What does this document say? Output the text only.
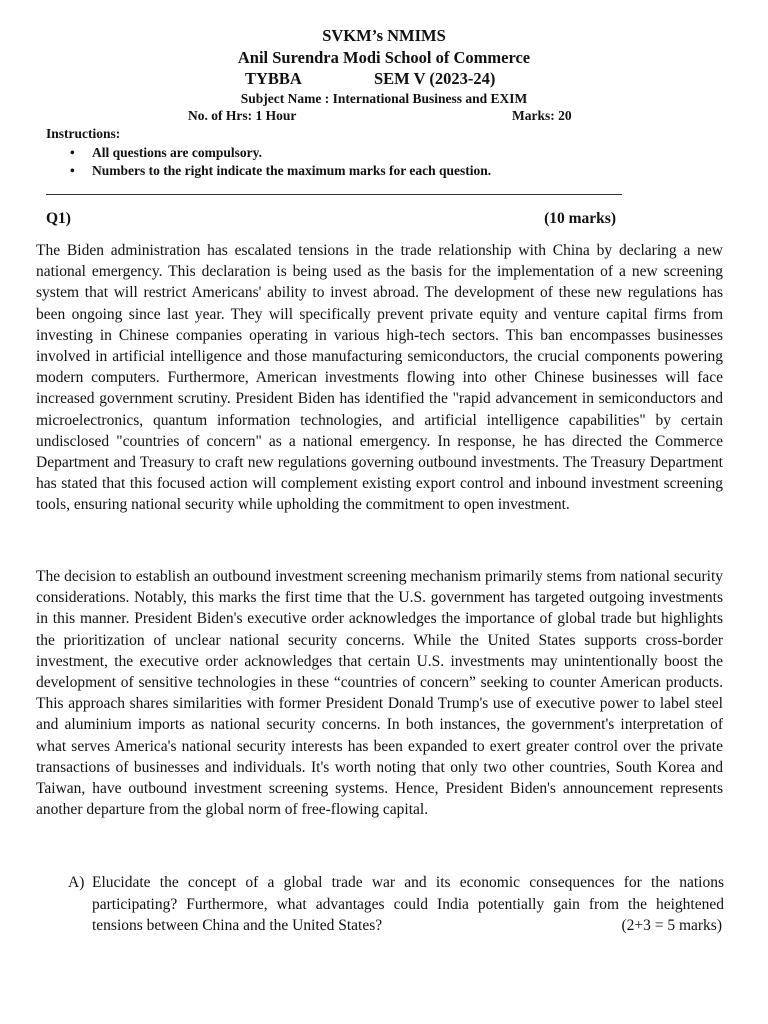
SVKM’s NMIMS
Anil Surendra Modi School of Commerce
TYBBA	SEM V (2023-24)
Subject Name : International Business and EXIM
No. of Hrs: 1 Hour	Marks: 20
Instructions:
• All questions are compulsory.
• Numbers to the right indicate the maximum marks for each question.
Q1)	(10 marks)

The Biden administration has escalated tensions in the trade relationship with China by declaring a new national emergency. This declaration is being used as the basis for the implementation of a new screening system that will restrict Americans' ability to invest abroad. The development of these new regulations has been ongoing since last year. They will specifically prevent private equity and venture capital firms from investing in Chinese companies operating in various high-tech sectors. This ban encompasses businesses involved in artificial intelligence and those manufacturing semiconductors, the crucial components powering modern computers. Furthermore, American investments flowing into other Chinese businesses will face increased government scrutiny. President Biden has identified the "rapid advancement in semiconductors and microelectronics, quantum information technologies, and artificial intelligence capabilities" by certain undisclosed "countries of concern" as a national emergency. In response, he has directed the Commerce Department and Treasury to craft new regulations governing outbound investments. The Treasury Department has stated that this focused action will complement existing export control and inbound investment screening tools, ensuring national security while upholding the commitment to open investment.

The decision to establish an outbound investment screening mechanism primarily stems from national security considerations. Notably, this marks the first time that the U.S. government has targeted outgoing investments in this manner. President Biden's executive order acknowledges the importance of global trade but highlights the prioritization of unclear national security concerns. While the United States supports cross-border investment, the executive order acknowledges that certain U.S. investments may unintentionally boost the development of sensitive technologies in these “countries of concern” seeking to counter American products. This approach shares similarities with former President Donald Trump's use of executive power to label steel and aluminium imports as national security concerns. In both instances, the government's interpretation of what serves America's national security interests has been expanded to exert greater control over the private transactions of businesses and individuals. It's worth noting that only two other countries, South Korea and Taiwan, have outbound investment screening systems. Hence, President Biden's announcement represents another departure from the global norm of free-flowing capital.

A) Elucidate the concept of a global trade war and its economic consequences for the nations participating? Furthermore, what advantages could India potentially gain from the heightened tensions between China and the United States?	(2+3 = 5 marks)
